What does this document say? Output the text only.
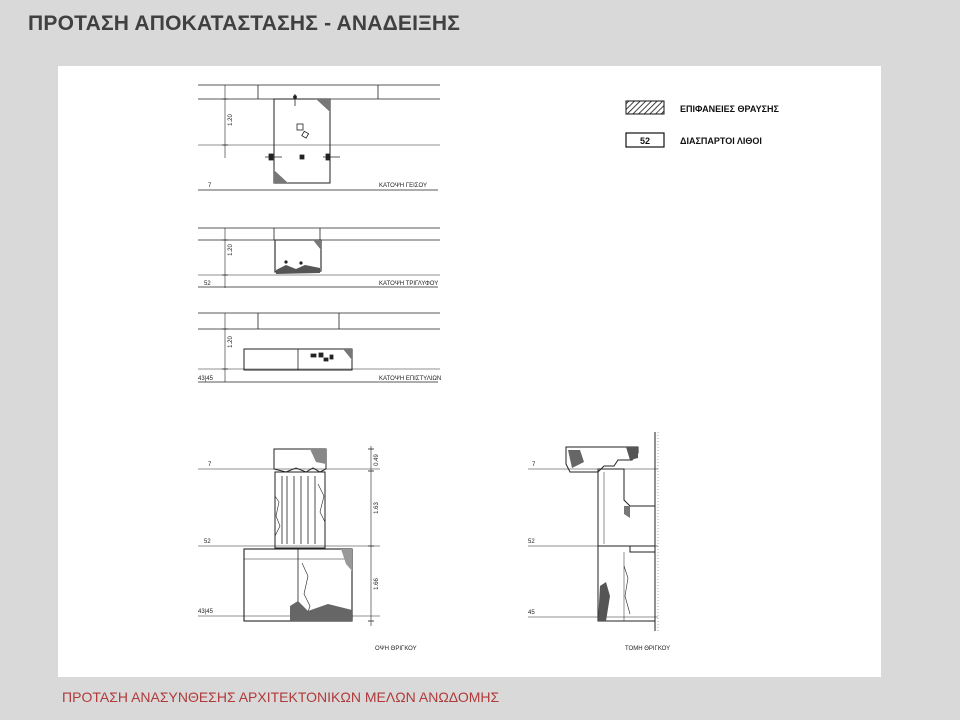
ΠΡΟΤΑΣΗ ΑΠΟΚΑΤΑΣΤΑΣΗΣ - ΑΝΑΔΕΙΞΗΣ
ΕΠΙΦΑΝΕΙΕΣ ΘΡΑΥΣΗΣ
52	ΔΙΑΣΠΑΡΤΟΙ ΛΙΘΟΙ
1.20
7	ΚΑΤΟΨΗ ΓΕΙΣΟΥ
1.20
52	ΚΑΤΟΨΗ ΤΡΙΓΛΥΦΟΥ
1.20
43|45	ΚΑΤΟΨΗ ΕΠΙΣΤΥΛΙΩΝ
7
52
43|45
0.49
1.63
1.66
ΟΨΗ ΘΡΙΓΚΟΥ
7
52
45
ΤΟΜΗ ΘΡΙΓΚΟΥ

ΠΡΟΤΑΣΗ ΑΝΑΣΥΝΘΕΣΗΣ ΑΡΧΙΤΕΚΤΟΝΙΚΩΝ ΜΕΛΩΝ ΑΝΩΔΟΜΗΣ
